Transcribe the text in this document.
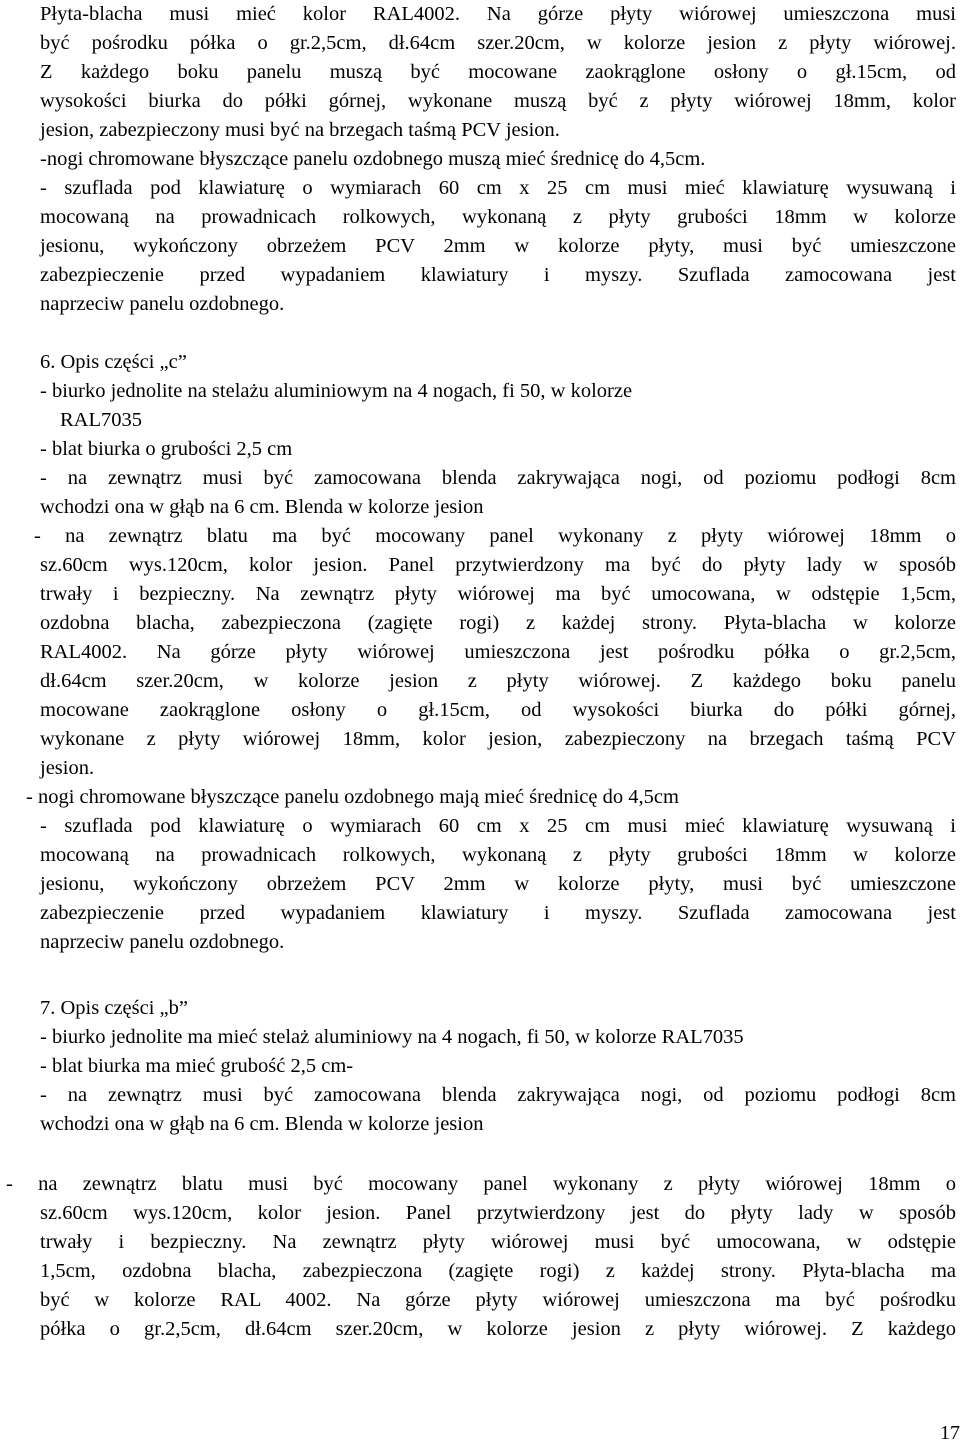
Płyta-blacha musi mieć kolor RAL4002. Na górze płyty wiórowej umieszczona musi
być pośrodku półka o gr.2,5cm, dł.64cm szer.20cm, w kolorze jesion z płyty wiórowej.
Z każdego boku panelu muszą być mocowane zaokrąglone osłony o gł.15cm, od
wysokości biurka do półki górnej, wykonane muszą być z płyty wiórowej 18mm, kolor
jesion, zabezpieczony musi być na brzegach taśmą PCV jesion.
-nogi chromowane błyszczące panelu ozdobnego muszą mieć średnicę do 4,5cm.
- szuflada pod klawiaturę o wymiarach 60 cm x 25 cm musi mieć klawiaturę wysuwaną i
mocowaną na prowadnicach rolkowych, wykonaną z płyty grubości 18mm w kolorze
jesionu, wykończony obrzeżem PCV 2mm w kolorze płyty, musi być umieszczone
zabezpieczenie przed wypadaniem klawiatury i myszy. Szuflada zamocowana jest
naprzeciw panelu ozdobnego.
6. Opis części „c”
- biurko jednolite na stelażu aluminiowym na 4 nogach, fi 50, w kolorze
RAL7035
- blat biurka o grubości 2,5 cm
- na zewnątrz musi być zamocowana blenda zakrywająca nogi, od poziomu podłogi 8cm
wchodzi ona w głąb na 6 cm. Blenda w kolorze jesion
- na zewnątrz blatu ma być mocowany panel wykonany z płyty wiórowej 18mm o
sz.60cm wys.120cm, kolor jesion. Panel przytwierdzony ma być do płyty lady w sposób
trwały i bezpieczny. Na zewnątrz płyty wiórowej ma być umocowana, w odstępie 1,5cm,
ozdobna blacha, zabezpieczona (zagięte rogi) z każdej strony. Płyta-blacha w kolorze
RAL4002. Na górze płyty wiórowej umieszczona jest pośrodku półka o gr.2,5cm,
dł.64cm szer.20cm, w kolorze jesion z płyty wiórowej. Z każdego boku panelu
mocowane zaokrąglone osłony o gł.15cm, od wysokości biurka do półki górnej,
wykonane z płyty wiórowej 18mm, kolor jesion, zabezpieczony na brzegach taśmą PCV
jesion.
- nogi chromowane błyszczące panelu ozdobnego mają mieć średnicę do 4,5cm
- szuflada pod klawiaturę o wymiarach 60 cm x 25 cm musi mieć klawiaturę wysuwaną i
mocowaną na prowadnicach rolkowych, wykonaną z płyty grubości 18mm w kolorze
jesionu, wykończony obrzeżem PCV 2mm w kolorze płyty, musi być umieszczone
zabezpieczenie przed wypadaniem klawiatury i myszy. Szuflada zamocowana jest
naprzeciw panelu ozdobnego.
7. Opis części „b”
- biurko jednolite ma mieć stelaż aluminiowy na 4 nogach, fi 50, w kolorze RAL7035
- blat biurka ma mieć grubość 2,5 cm-
- na zewnątrz musi być zamocowana blenda zakrywająca nogi, od poziomu podłogi 8cm
wchodzi ona w głąb na 6 cm. Blenda w kolorze jesion
- na zewnątrz blatu musi być mocowany panel wykonany z płyty wiórowej 18mm o
sz.60cm wys.120cm, kolor jesion. Panel przytwierdzony jest do płyty lady w sposób
trwały i bezpieczny. Na zewnątrz płyty wiórowej musi być umocowana, w odstępie
1,5cm, ozdobna blacha, zabezpieczona (zagięte rogi) z każdej strony. Płyta-blacha ma
być w kolorze RAL 4002. Na górze płyty wiórowej umieszczona ma być pośrodku
półka o gr.2,5cm, dł.64cm szer.20cm, w kolorze jesion z płyty wiórowej. Z każdego
17
